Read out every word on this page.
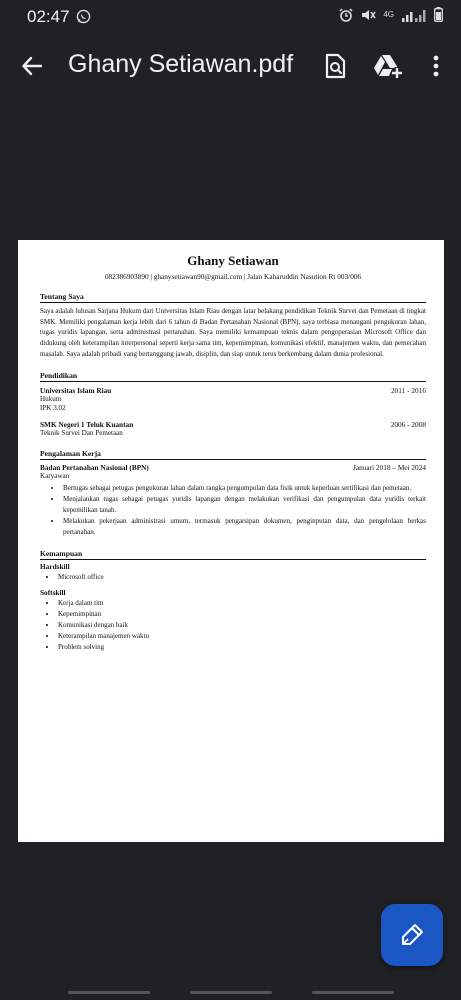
02:47	4G
Ghany Setiawan.pdf
Ghany Setiawan
082386903890 | ghanysetiawan90@gmail.com | Jalan Kaharuddin Nasution Rt 003/006
Tentang Saya
Saya adalah lulusan Sarjana Hukum dari Universitas Islam Riau dengan latar belakang pendidikan Teknik Survei dan Pemetaan di tingkat SMK. Memiliki pengalaman kerja lebih dari 6 tahun di Badan Pertanahan Nasional (BPN), saya terbiasa menangani pengukuran lahan, tugas yuridis lapangan, serta administrasi pertanahan. Saya memiliki kemampuan teknis dalam pengoperasian Microsoft Office dan didukung oleh keterampilan interpersonal seperti kerja sama tim, kepemimpinan, komunikasi efektif, manajemen waktu, dan pemecahan masalah. Saya adalah pribadi yang bertanggung jawab, disiplin, dan siap untuk terus berkembang dalam dunia profesional.
Pendidikan
Universitas Islam Riau	2011 - 2016
Hukum
IPK 3.02
SMK Negeri 1 Teluk Kuantan	2006 - 2008
Teknik Survei Dan Pemetaan
Pengalaman Kerja
Badan Pertanahan Nasional (BPN)	Januari 2018 – Mei 2024
Karyawan
• Bertugas sebagai petugas pengukuran lahan dalam rangka pengumpulan data fisik untuk keperluan sertifikasi dan pemetaan.
• Menjalankan tugas sebagai petugas yuridis lapangan dengan melakukan verifikasi dan pengumpulan data yuridis terkait kepemilikan tanah.
• Melakukan pekerjaan administrasi umum, termasuk pengarsipan dokumen, penginputan data, dan pengelolaan berkas pertanahan.
Kemampuan
Hardskill
• Microsoft office
Softskill
• Kerja dalam tim
• Kepemimpinan
• Komunikasi dengan baik
• Keterampilan manajemen waktu
• Problem solving
